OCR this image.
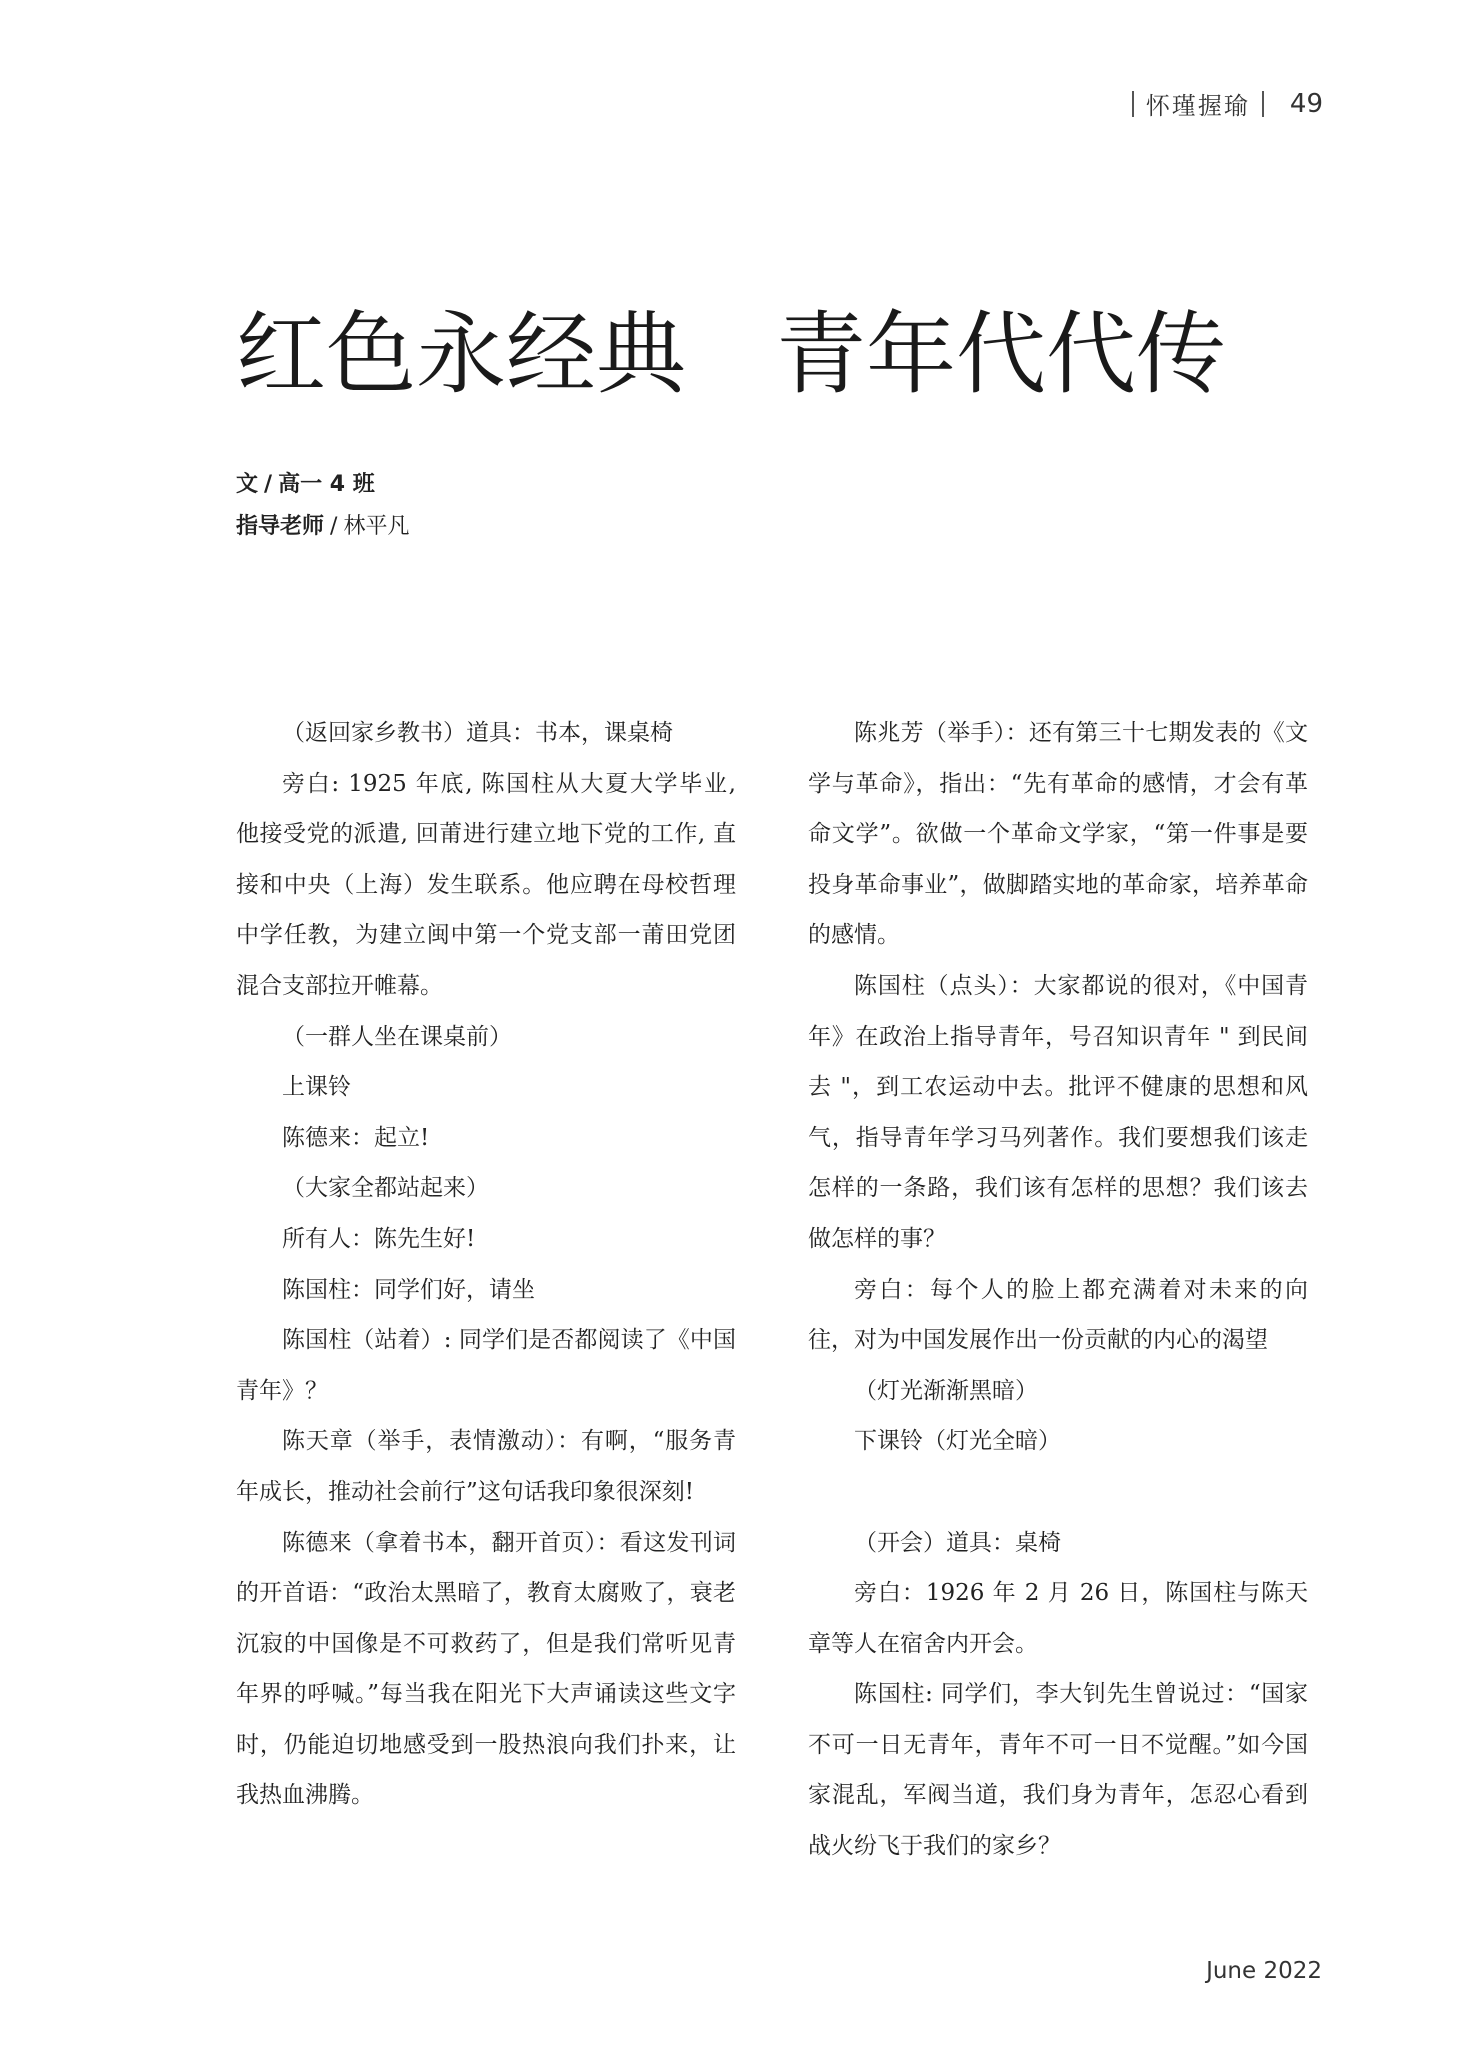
怀瑾握瑜 49
红色永经典　青年代代传
文 / 高一 4 班
指导老师 / 林平凡

（返回家乡教书）道具：书本，课桌椅

旁白: 1925 年底, 陈国柱从大夏大学毕业, 他接受党的派遣, 回莆进行建立地下党的工作, 直接和中央（上海）发生联系。他应聘在母校哲理中学任教，为建立闽中第一个党支部一莆田党团混合支部拉开帷幕。

（一群人坐在课桌前）

上课铃

陈德来：起立!

（大家全都站起来）

所有人：陈先生好!

陈国柱：同学们好，请坐

陈国柱（站着）: 同学们是否都阅读了《中国青年》？

陈天章（举手，表情激动）：有啊，“服务青年成长，推动社会前行”这句话我印象很深刻!

陈德来（拿着书本，翻开首页）：看这发刊词的开首语：“政治太黑暗了，教育太腐败了，衰老沉寂的中国像是不可救药了，但是我们常听见青年界的呼喊。”每当我在阳光下大声诵读这些文字时，仍能迫切地感受到一股热浪向我们扑来，让我热血沸腾。

陈兆芳（举手）：还有第三十七期发表的《文学与革命》，指出：“先有革命的感情，才会有革命文学”。欲做一个革命文学家，“第一件事是要投身革命事业”，做脚踏实地的革命家，培养革命的感情。

陈国柱（点头）：大家都说的很对，《中国青年》在政治上指导青年，号召知识青年 " 到民间去 "，到工农运动中去。批评不健康的思想和风气，指导青年学习马列著作。我们要想我们该走怎样的一条路，我们该有怎样的思想？我们该去做怎样的事？

旁白：每个人的脸上都充满着对未来的向往，对为中国发展作出一份贡献的内心的渴望

（灯光渐渐黑暗）

下课铃（灯光全暗）

（开会）道具：桌椅

旁白：1926 年 2 月 26 日，陈国柱与陈天章等人在宿舍内开会。

陈国柱: 同学们，李大钊先生曾说过：“国家不可一日无青年，青年不可一日不觉醒。”如今国家混乱，军阀当道，我们身为青年，怎忍心看到战火纷飞于我们的家乡？

June 2022
